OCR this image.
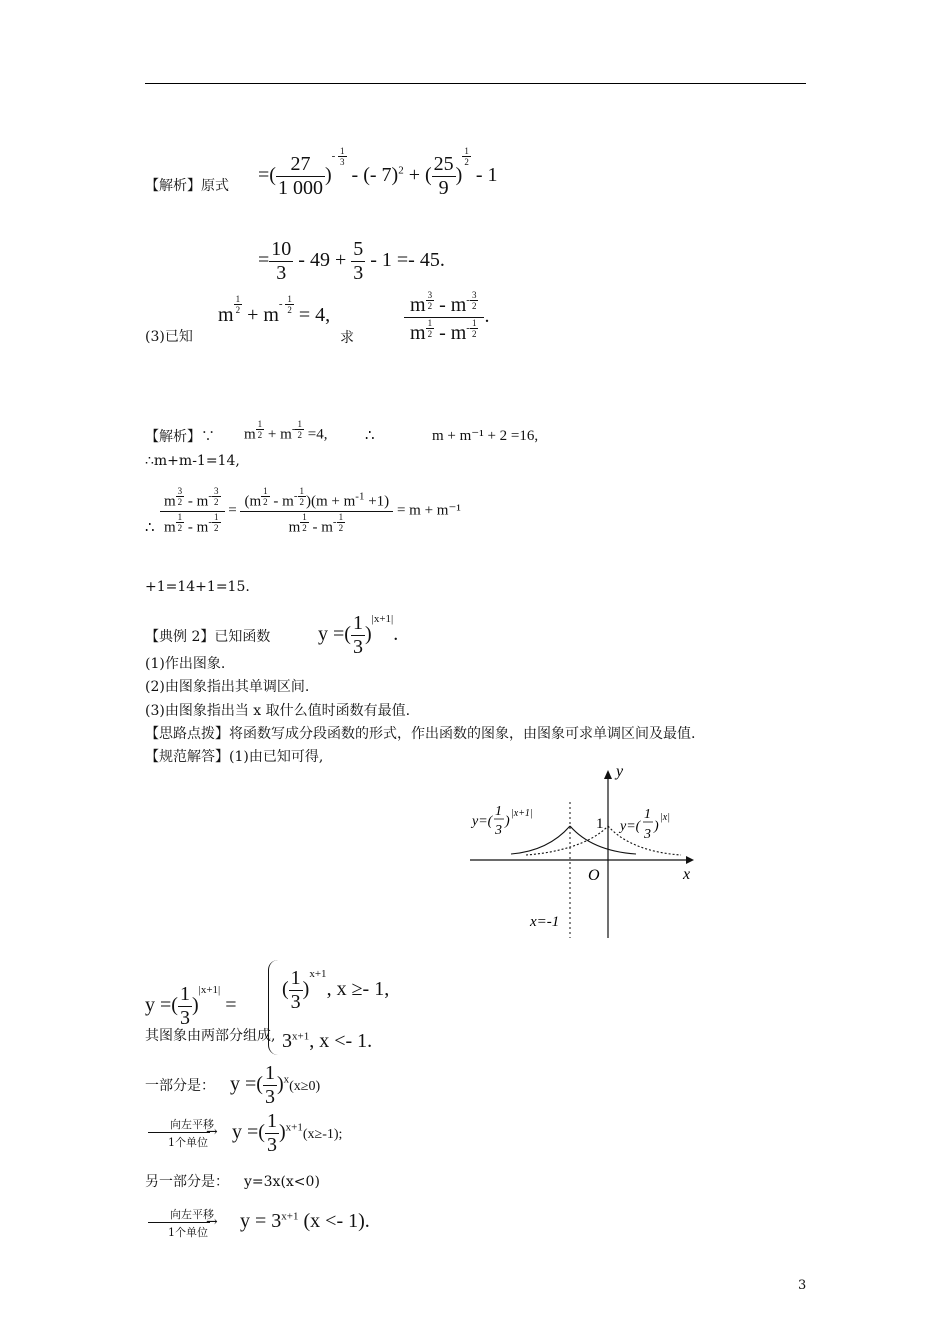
【解析】原式 =( $\frac{27}{1 000} )^{- \frac{1}{3}}$
- (- 7)$^2$ + ( $\frac{25}{9}$ )
$^{\frac{1}{2}}$
- 1
= $\frac{10}{3} - 49 + \frac{5}{3} - 1 =- 45$.
(3)已知
m $^{\frac{1}{2}} + m^{- \frac{1}{2}} = 4$,
求	m $^{\frac{3}{2}} - m^{- \frac{3}{2}}$
m $^{\frac{1}{2}} - m^{- \frac{1}{2}}$ .
【解析】∵ m $^{\frac{1}{2}} + m^{- \frac{1}{2}} =4$,	∴	m + m⁻¹ + 2 =16,
∴m+m-1=14,
∴ m $^{\frac{3}{2}} - m^{- \frac{3}{2}}$
m $^{\frac{1}{2}} - m^{- \frac{1}{2}} = (m$ $^{\frac{1}{2}} - m^{- \frac{1}{2}}$ )$(m + m^{-1} +1)$
m $^{\frac{1}{2}} - m^{- \frac{1}{2}} = m + m^{-1}$
+1=14+1=15.
【典例 2】已知函数 y =( $\frac{1}{3} )^{|x+1|}$.
(1)作出图象.
(2)由图象指出其单调区间.
(3)由图象指出当 x 取什么值时函数有最值.
【思路点拨】将函数写成分段函数的形式，作出函数的图象，由图象可求单调区间及最值.
【规范解答】(1)由已知可得,
y
x
O
1
x=-1
y=(
1
3
)
|x+1|
y=(
1
3
)
|x|
y =( $\frac{1}{3} )^{|x+1|}$ =
( $\frac{1}{3} )^{x+1}$, x ≥- 1,
$3^{x+1}$, x <- 1.
其图象由两部分组成,
一部分是： y =( $\frac{1}{3} )^x(x\ge 0)$
向左平移
→
1个单位 y =( $\frac{1}{3} )^{x+1}(x\ge-1)$;
另一部分是： y=3x(x<0)
向左平移
→
1个单位
$y = 3^{x+1}$ (x <- 1).
3
